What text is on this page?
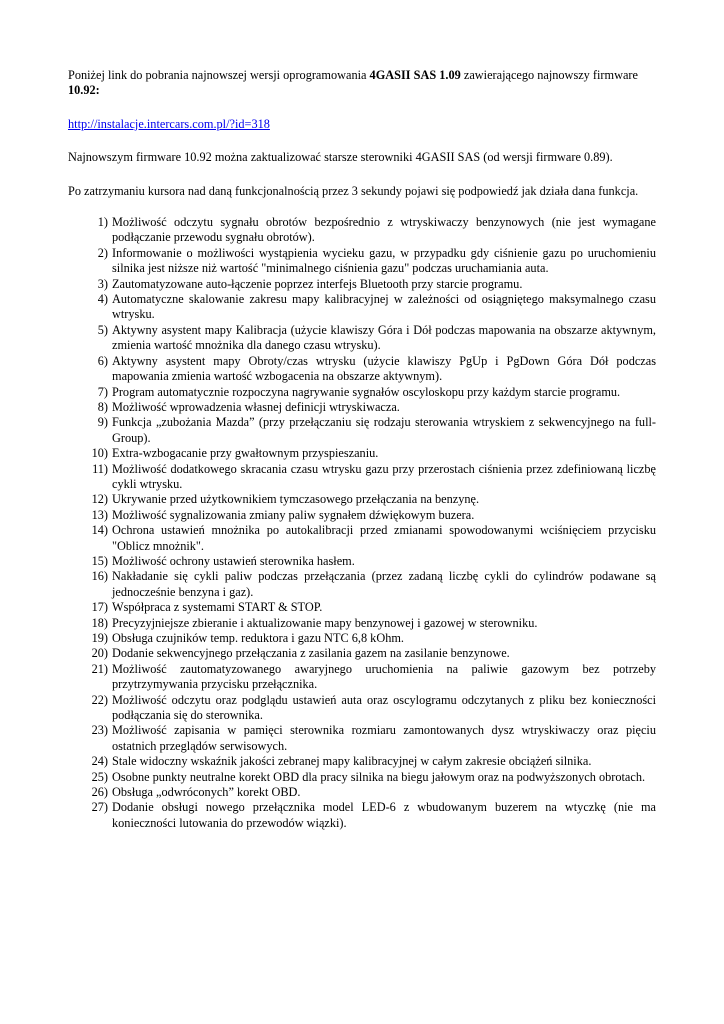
Poniżej link do pobrania najnowszej wersji oprogramowania 4GASII SAS 1.09 zawierającego najnowszy firmware 10.92:

http://instalacje.intercars.com.pl/?id=318

Najnowszym firmware 10.92 można zaktualizować starsze sterowniki 4GASII SAS (od wersji firmware 0.89).

Po zatrzymaniu kursora nad daną funkcjonalnością przez 3 sekundy pojawi się podpowiedź jak działa dana funkcja.

1) Możliwość odczytu sygnału obrotów bezpośrednio z wtryskiwaczy benzynowych (nie jest wymagane podłączanie przewodu sygnału obrotów).
2) Informowanie o możliwości wystąpienia wycieku gazu, w przypadku gdy ciśnienie gazu po uruchomieniu silnika jest niższe niż wartość "minimalnego ciśnienia gazu" podczas uruchamiania auta.
3) Zautomatyzowane auto-łączenie poprzez interfejs Bluetooth przy starcie programu.
4) Automatyczne skalowanie zakresu mapy kalibracyjnej w zależności od osiągniętego maksymalnego czasu wtrysku.
5) Aktywny asystent mapy Kalibracja (użycie klawiszy Góra i Dół podczas mapowania na obszarze aktywnym, zmienia wartość mnożnika dla danego czasu wtrysku).
6) Aktywny asystent mapy Obroty/czas wtrysku (użycie klawiszy PgUp i PgDown Góra Dół podczas mapowania zmienia wartość wzbogacenia na obszarze aktywnym).
7) Program automatycznie rozpoczyna nagrywanie sygnałów oscyloskopu przy każdym starcie programu.
8) Możliwość wprowadzenia własnej definicji wtryskiwacza.
9) Funkcja „zubożania Mazda” (przy przełączaniu się rodzaju sterowania wtryskiem z sekwencyjnego na full-Group).
10) Extra-wzbogacanie przy gwałtownym przyspieszaniu.
11) Możliwość dodatkowego skracania czasu wtrysku gazu przy przerostach ciśnienia przez zdefiniowaną liczbę cykli wtrysku.
12) Ukrywanie przed użytkownikiem tymczasowego przełączania na benzynę.
13) Możliwość sygnalizowania zmiany paliw sygnałem dźwiękowym buzera.
14) Ochrona ustawień mnożnika po autokalibracji przed zmianami spowodowanymi wciśnięciem przycisku "Oblicz mnożnik".
15) Możliwość ochrony ustawień sterownika hasłem.
16) Nakładanie się cykli paliw podczas przełączania (przez zadaną liczbę cykli do cylindrów podawane są jednocześnie benzyna i gaz).
17) Współpraca z systemami START & STOP.
18) Precyzyjniejsze zbieranie i aktualizowanie mapy benzynowej i gazowej w sterowniku.
19) Obsługa czujników temp. reduktora i gazu NTC 6,8 kOhm.
20) Dodanie sekwencyjnego przełączania z zasilania gazem na zasilanie benzynowe.
21) Możliwość zautomatyzowanego awaryjnego uruchomienia na paliwie gazowym bez potrzeby przytrzymywania przycisku przełącznika.
22) Możliwość odczytu oraz podglądu ustawień auta oraz oscylogramu odczytanych z pliku bez konieczności podłączania się do sterownika.
23) Możliwość zapisania w pamięci sterownika rozmiaru zamontowanych dysz wtryskiwaczy oraz pięciu ostatnich przeglądów serwisowych.
24) Stale widoczny wskaźnik jakości zebranej mapy kalibracyjnej w całym zakresie obciążeń silnika.
25) Osobne punkty neutralne korekt OBD dla pracy silnika na biegu jałowym oraz na podwyższonych obrotach.
26) Obsługa „odwróconych” korekt OBD.
27) Dodanie obsługi nowego przełącznika model LED-6 z wbudowanym buzerem na wtyczkę (nie ma konieczności lutowania do przewodów wiązki).
